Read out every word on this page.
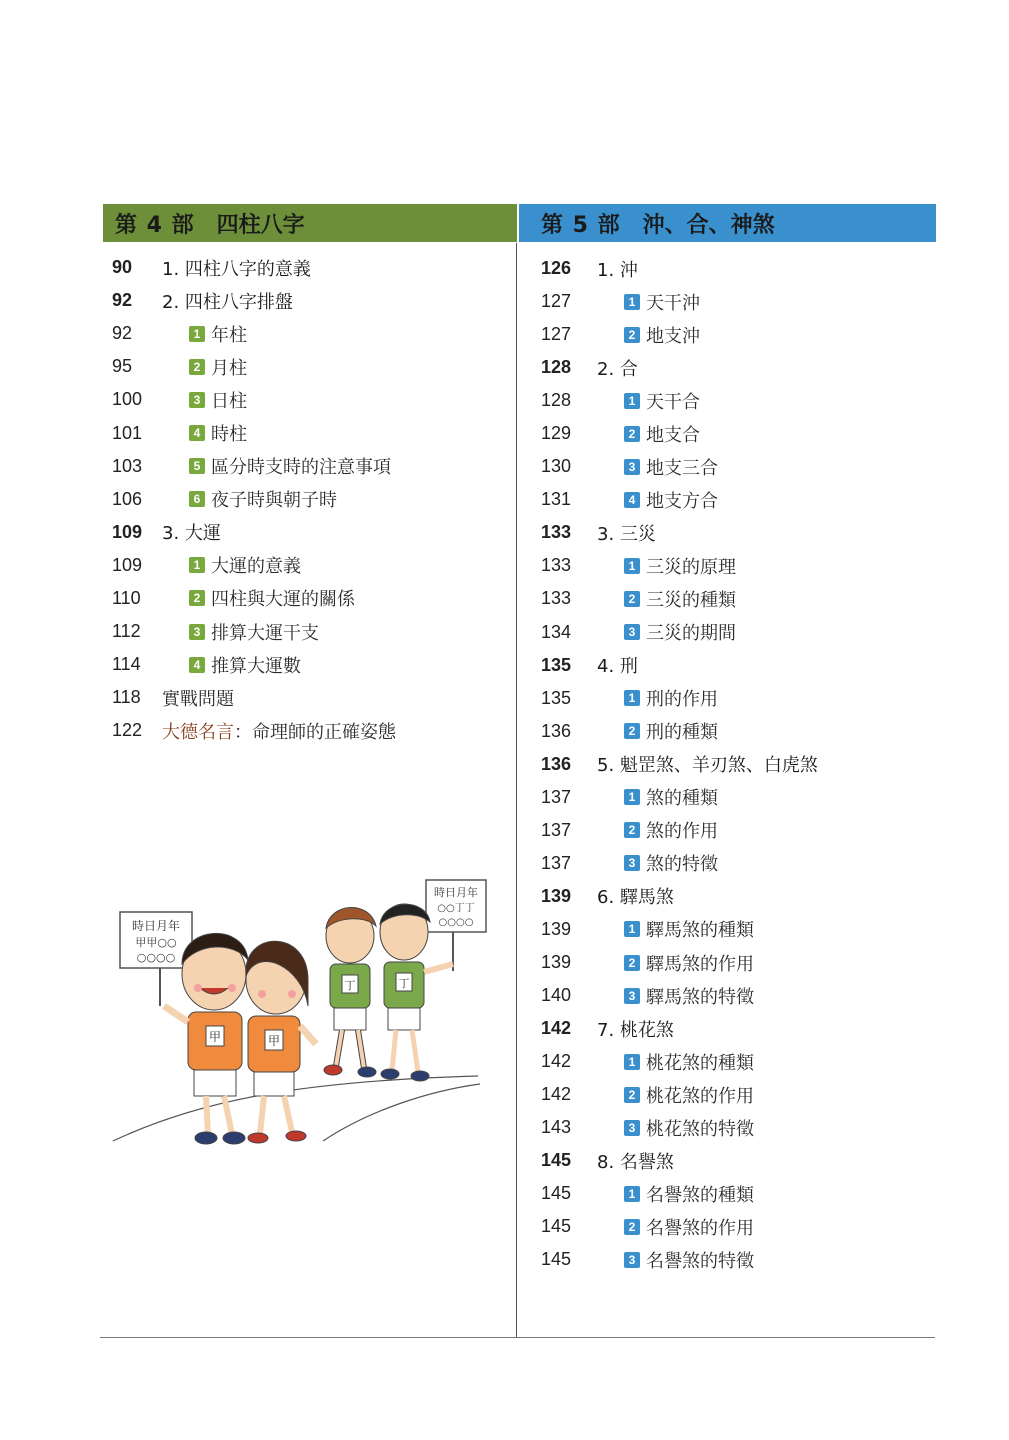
第 4 部 四柱八字	第 5 部 沖、合、神煞
90	1. 四柱八字的意義
92	2. 四柱八字排盤
92	1 年柱
95	2 月柱
100	3 日柱
101	4 時柱
103	5 區分時支時的注意事項
106	6 夜子時與朝子時
109	3. 大運
109	1 大運的意義
110	2 四柱與大運的關係
112	3 排算大運干支
114	4 推算大運數
118	實戰問題
122	大德名言 ：命理師的正確姿態
126	1. 沖
127	1 天干沖
127	2 地支沖
128	2. 合
128	1 天干合
129	2 地支合
130	3 地支三合
131	4 地支方合
133	3. 三災
133	1 三災的原理
133	2 三災的種類
134	3 三災的期間
135	4. 刑
135	1 刑的作用
136	2 刑的種類
136	5. 魁罡煞、羊刃煞、白虎煞
137	1 煞的種類
137	2 煞的作用
137	3 煞的特徵
139	6. 驛馬煞
139	1 驛馬煞的種類
139	2 驛馬煞的作用
140	3 驛馬煞的特徵
142	7. 桃花煞
142	1 桃花煞的種類
142	2 桃花煞的作用
143	3 桃花煞的特徵
145	8. 名譽煞
145	1 名譽煞的種類
145	2 名譽煞的作用
145	3 名譽煞的特徵
時日月年
甲甲○○
○○○○
時日月年
○○丁丁
○○○○
丁	丁
甲	甲
